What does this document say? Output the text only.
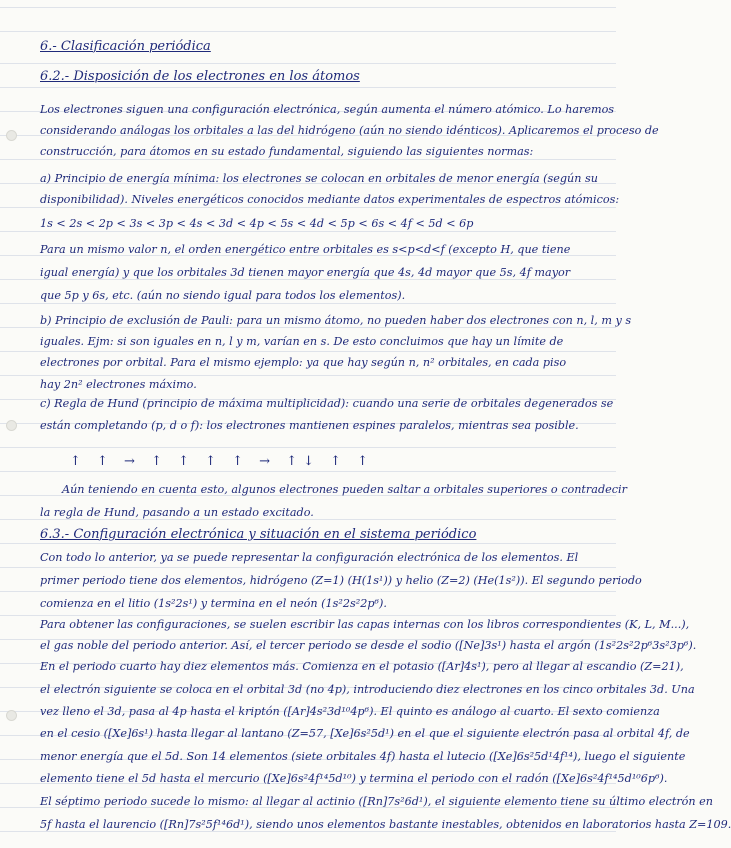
6.- Clasificación periódica
6.2.- Disposición de los electrones en los átomos
Los electrones siguen una configuración electrónica, según aumenta el número atómico. Lo haremos
considerando análogas los orbitales a las del hidrógeno (aún no siendo idénticos). Aplicaremos el proceso de
construcción, para átomos en su estado fundamental, siguiendo las siguientes normas:
a) Principio de energía mínima: los electrones se colocan en orbitales de menor energía (según su
disponibilidad). Niveles energéticos conocidos mediante datos experimentales de espectros atómicos:
1s < 2s < 2p < 3s < 3p < 4s < 3d < 4p < 5s < 4d < 5p < 6s < 4f < 5d < 6p
Para un mismo valor n, el orden energético entre orbitales es s<p<d<f (excepto H, que tiene
igual energía) y que los orbitales 3d tienen mayor energía que 4s, 4d mayor que 5s, 4f mayor
que 5p y 6s, etc. (aún no siendo igual para todos los elementos).
b) Principio de exclusión de Pauli: para un mismo átomo, no pueden haber dos electrones con n, l, m y s
iguales. Ejm: si son iguales en n, l y m, varían en s. De esto concluimos que hay un límite de
electrones por orbital. Para el mismo ejemplo: ya que hay según n, n² orbitales, en cada piso
hay 2n² electrones máximo.
c) Regla de Hund (principio de máxima multiplicidad): cuando una serie de orbitales degenerados se
están completando (p, d o f): los electrones mantienen espines paralelos, mientras sea posible.
↑ ↑ → ↑ ↑ ↑ ↑ → ↑↓ ↑ ↑
Aún teniendo en cuenta esto, algunos electrones pueden saltar a orbitales superiores o contradecir
la regla de Hund, pasando a un estado excitado.
6.3.- Configuración electrónica y situación en el sistema periódico
Con todo lo anterior, ya se puede representar la configuración electrónica de los elementos. El
primer periodo tiene dos elementos, hidrógeno (Z=1) (H(1s¹)) y helio (Z=2) (He(1s²)). El segundo periodo
comienza en el litio (1s²2s¹) y termina en el neón (1s²2s²2p⁶).
Para obtener las configuraciones, se suelen escribir las capas internas con los libros correspondientes (K, L, M...),
el gas noble del periodo anterior. Así, el tercer periodo se desde el sodio ([Ne]3s¹) hasta el argón (1s²2s²2p⁶3s²3p⁶).
En el periodo cuarto hay diez elementos más. Comienza en el potasio ([Ar]4s¹), pero al llegar al escandio (Z=21),
el electrón siguiente se coloca en el orbital 3d (no 4p), introduciendo diez electrones en los cinco orbitales 3d. Una
vez lleno el 3d, pasa al 4p hasta el kriptón ([Ar]4s²3d¹⁰4p⁶). El quinto es análogo al cuarto. El sexto comienza
en el cesio ([Xe]6s¹) hasta llegar al lantano (Z=57, [Xe]6s²5d¹) en el que el siguiente electrón pasa al orbital 4f, de
menor energía que el 5d. Son 14 elementos (siete orbitales 4f) hasta el lutecio ([Xe]6s²5d¹4f¹⁴), luego el siguiente
elemento tiene el 5d hasta el mercurio ([Xe]6s²4f¹⁴5d¹⁰) y termina el periodo con el radón ([Xe]6s²4f¹⁴5d¹⁰6p⁶).
El séptimo periodo sucede lo mismo: al llegar al actinio ([Rn]7s²6d¹), el siguiente elemento tiene su último electrón en
5f hasta el laurencio ([Rn]7s²5f¹⁴6d¹), siendo unos elementos bastante inestables, obtenidos en laboratorios hasta Z=109.
